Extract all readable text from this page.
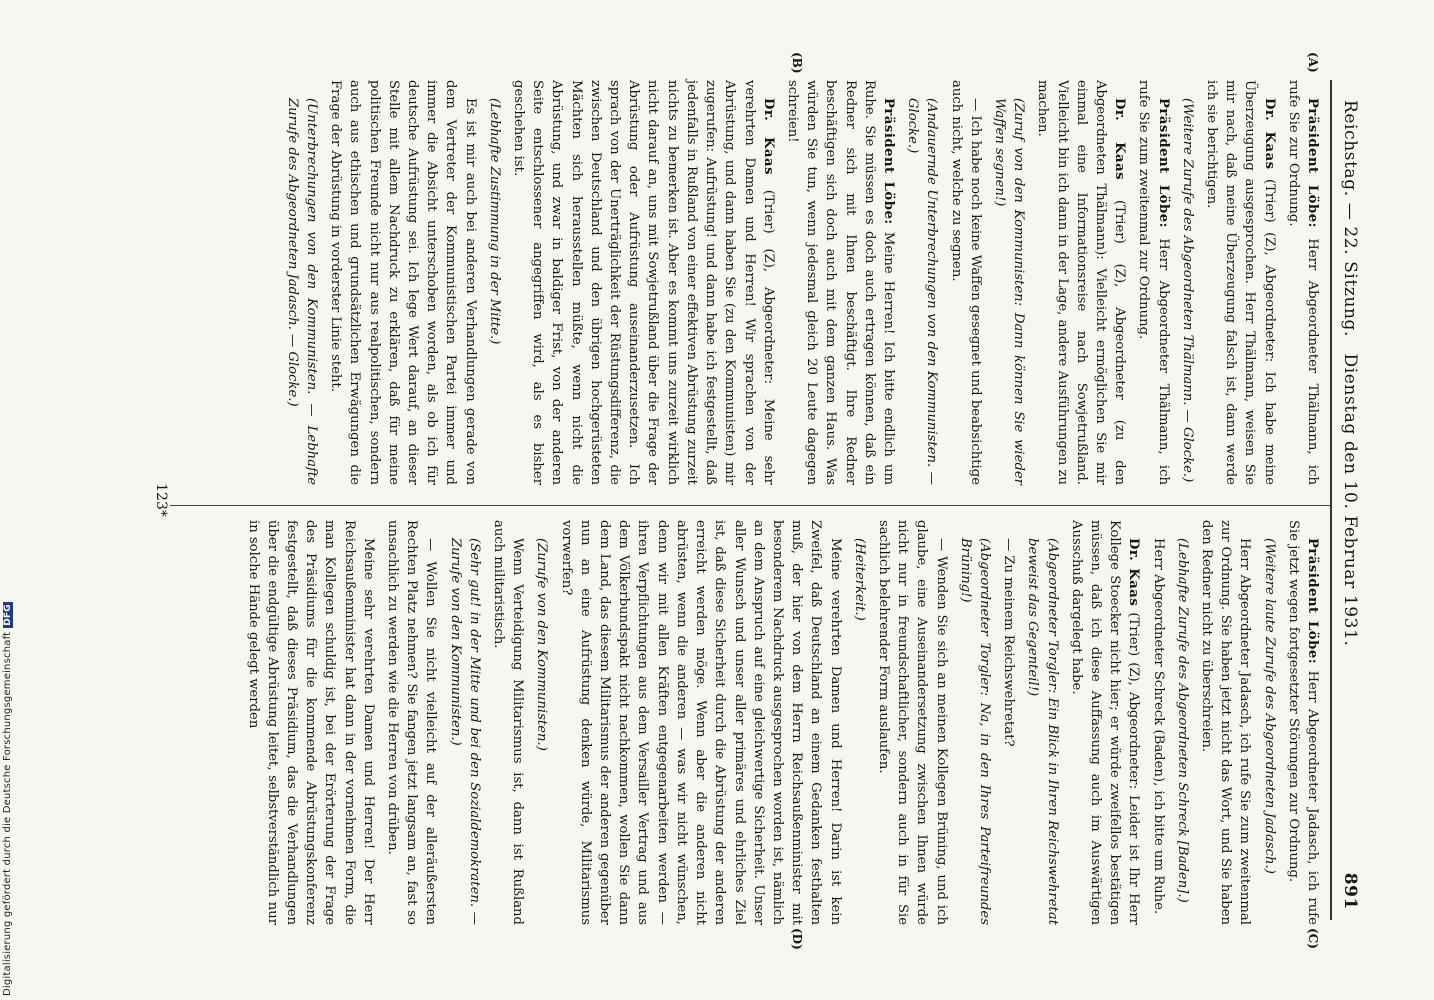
Reichstag. — 22. Sitzung.
Dienstag den 10. Februar 1931.
891
(A)
(B)
(C)
(D)

Präsident Löbe: Herr Abgeordneter Thälmann, ich rufe Sie zur Ordnung.

Dr. Kaas (Trier) (Z), Abgeordneter: Ich habe meine Überzeugung ausgesprochen. Herr Thälmann, weisen Sie mir nach, daß meine Überzeugung falsch ist, dann werde ich sie berichtigen.

(Weitere Zurufe des Abgeordneten Thälmann. — Glocke.)

Präsident Löbe: Herr Abgeordneter Thälmann, ich rufe Sie zum zweitenmal zur Ordnung.

Dr. Kaas (Trier) (Z), Abgeordneter (zu den Abgeordneten Thälmann): Vielleicht ermöglichen Sie mir einmal eine Informationsreise nach Sowjetrußland. Vielleicht bin ich dann in der Lage, andere Ausführungen zu machen.

(Zuruf von den Kommunisten: Dann können Sie wieder Waffen segnen!)

— Ich habe noch keine Waffen gesegnet und beabsichtige auch nicht, welche zu segnen.

(Andauernde Unterbrechungen von den Kommunisten. — Glocke.)

Präsident Löbe: Meine Herren! Ich bitte endlich um Ruhe. Sie müssen es doch auch ertragen können, daß ein Redner sich mit Ihnen beschäftigt. Ihre Redner beschäftigen sich doch auch mit dem ganzen Haus. Was würden Sie tun, wenn jedesmal gleich 20 Leute dagegen schreien!

Dr. Kaas (Trier) (Z), Abgeordneter: Meine sehr verehrten Damen und Herren! Wir sprachen von der Abrüstung, und dann haben Sie (zu den Kommunisten) mir zugerufen: Aufrüstung! und dann habe ich festgestellt, daß jedenfalls in Rußland von einer effektiven Abrüstung zurzeit nichts zu bemerken ist. Aber es kommt uns zurzeit wirklich nicht darauf an, uns mit Sowjetrußland über die Frage der Abrüstung oder Aufrüstung auseinanderzusetzen. Ich sprach von der Unerträglichkeit der Rüstungsdifferenz, die zwischen Deutschland und den übrigen hochgerüsteten Mächten sich herausstellen müßte, wenn nicht die Abrüstung, und zwar in baldiger Frist, von der anderen Seite entschlossener angegriffen wird, als es bisher geschehen ist.

(Lebhafte Zustimmung in der Mitte.)

Es ist mir auch bei anderen Verhandlungen gerade von dem Vertreter der Kommunistischen Partei immer und immer die Absicht unterschoben worden, als ob ich für deutsche Aufrüstung sei. Ich lege Wert darauf, an dieser Stelle mit allem Nachdruck zu erklären, daß für meine politischen Freunde nicht nur aus realpolitischen, sondern auch aus ethischen und grundsätzlichen Erwägungen die Frage der Abrüstung in vorderster Linie steht.

(Unterbrechungen von den Kommunisten. — Lebhafte Zurufe des Abgeordneten Jadasch. — Glocke.)

Präsident Löbe: Herr Abgeordneter Jadasch, ich rufe Sie jetzt wegen fortgesetzter Störungen zur Ordnung.

(Weitere laute Zurufe des Abgeordneten Jadasch.)

Herr Abgeordneter Jadasch, ich rufe Sie zum zweitenmal zur Ordnung. Sie haben jetzt nicht das Wort, und Sie haben den Redner nicht zu überschreien.

(Lebhafte Zurufe des Abgeordneten Schreck [Baden].)

Herr Abgeordneter Schreck (Baden), ich bitte um Ruhe.

Dr. Kaas (Trier) (Z), Abgeordneter: Leider ist Ihr Herr Kollege Stoecker nicht hier; er würde zweifellos bestätigen müssen, daß ich diese Auffassung auch im Auswärtigen Ausschuß dargelegt habe.

(Abgeordneter Torgler: Ein Blick in Ihren Reichswehretat beweist das Gegenteil!)

— Zu meinem Reichswehretat?

(Abgeordneter Torgler: Na, in den Ihres Parteifreundes Brüning!)

— Wenden Sie sich an meinen Kollegen Brüning, und ich glaube, eine Auseinandersetzung zwischen Ihnen würde nicht nur in freundschaftlicher, sondern auch in für Sie sachlich belehrender Form auslaufen.

(Heiterkeit.)

Meine verehrten Damen und Herren! Darin ist kein Zweifel, daß Deutschland an einem Gedanken festhalten muß, der hier von dem Herrn Reichsaußenminister mit besonderem Nachdruck ausgesprochen worden ist, nämlich an dem Anspruch auf eine gleichwertige Sicherheit. Unser aller Wunsch und unser aller primäres und ehrliches Ziel ist, daß diese Sicherheit durch die Abrüstung der anderen erreicht werden möge. Wenn aber die anderen nicht abrüsten, wenn die anderen — was wir nicht wünschen, denn wir mit allen Kräften entgegenarbeiten werden — ihren Verpflichtungen aus dem Versailler Vertrag und aus dem Völkerbundspakt nicht nachkommen, wollen Sie dann dem Land, das diesem Militarismus der anderen gegenüber nun an eine Aufrüstung denken würde, Militarismus vorwerfen?

(Zurufe von den Kommunisten.)

Wenn Verteidigung Militarismus ist, dann ist Rußland auch militaristisch.

(Sehr gut! in der Mitte und bei den Sozialdemokraten. — Zurufe von den Kommunisten.)

— Wollen Sie nicht vielleicht auf der alleräußersten Rechten Platz nehmen? Sie fangen jetzt langsam an, fast so unsachlich zu werden wie die Herren von drüben.

Meine sehr verehrten Damen und Herren! Der Herr Reichsaußenminister hat dann in der vornehmen Form, die man Kollegen schuldig ist, bei der Erörterung der Frage des Präsidiums für die kommende Abrüstungskonferenz festgestellt, daß dieses Präsidium, das die Verhandlungen über die endgültige Abrüstung leitet, selbstverständlich nur in solche Hände gelegt werden

123*
Digitalisierung gefördert durch die Deutsche ForschungsgemeinschaftDFG
